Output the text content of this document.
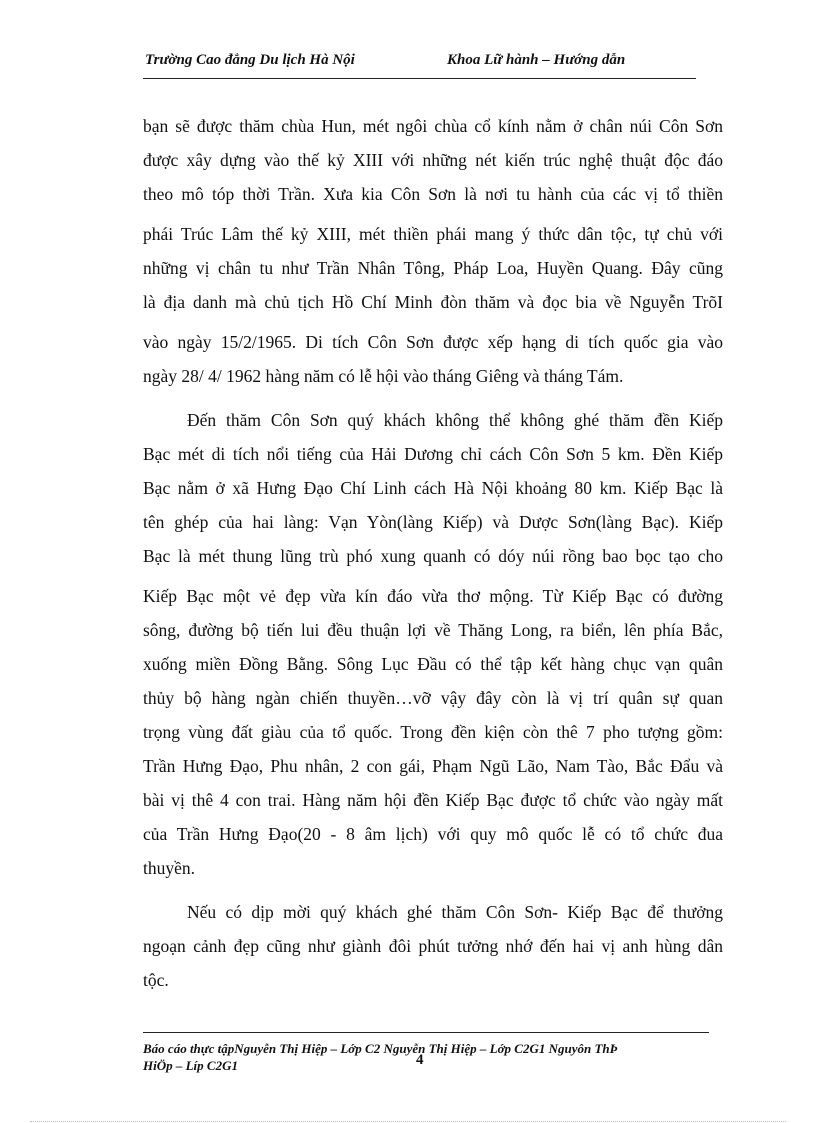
Trường Cao đẳng Du lịch Hà Nội	Khoa Lữ hành – Hướng dẫn
bạn sẽ được thăm chùa Hun, mét ngôi chùa cổ kính nằm ở chân núi Côn Sơn
được xây dựng vào thế kỷ XIII với những nét kiến trúc nghệ thuật độc đáo
theo mô tóp thời Trần. Xưa kia Côn Sơn là nơi tu hành của các vị tổ thiền
phái Trúc Lâm thế kỷ XIII, mét thiền phái mang ý thức dân tộc, tự chủ với
những vị chân tu như Trần Nhân Tông, Pháp Loa, Huyền Quang. Đây cũng
là địa danh mà chủ tịch Hồ Chí Minh đòn thăm và đọc bia về Nguyễn TrõI
vào ngày 15/2/1965. Di tích Côn Sơn được xếp hạng di tích quốc gia vào
ngày 28/ 4/ 1962 hàng năm có lễ hội vào tháng Giêng và tháng Tám.
Đến thăm Côn Sơn quý khách không thể không ghé thăm đền Kiếp
Bạc mét di tích nổi tiếng của Hải Dương chỉ cách Côn Sơn 5 km. Đền Kiếp
Bạc nằm ở xã Hưng Đạo Chí Linh cách Hà Nội khoảng 80 km. Kiếp Bạc là
tên ghép của hai làng: Vạn Yòn(làng Kiếp) và Dược Sơn(làng Bạc). Kiếp
Bạc là mét thung lũng trù phó xung quanh có dóy núi rồng bao bọc tạo cho
Kiếp Bạc một vẻ đẹp vừa kín đáo vừa thơ mộng. Từ Kiếp Bạc có đường
sông, đường bộ tiến lui đều thuận lợi về Thăng Long, ra biển, lên phía Bắc,
xuống miền Đồng Bằng. Sông Lục Đầu có thể tập kết hàng chục vạn quân
thủy bộ hàng ngàn chiến thuyền…vỡ vậy đây còn là vị trí quân sự quan
trọng vùng đất giàu của tổ quốc. Trong đền kiện còn thê 7 pho tượng gồm:
Trần Hưng Đạo, Phu nhân, 2 con gái, Phạm Ngũ Lão, Nam Tào, Bắc Đẩu và
bài vị thê 4 con trai. Hàng năm hội đền Kiếp Bạc được tổ chức vào ngày mất
của Trần Hưng Đạo(20 - 8 âm lịch) với quy mô quốc lễ có tổ chức đua
thuyền.
Nếu có dịp mời quý khách ghé thăm Côn Sơn- Kiếp Bạc để thưởng
ngoạn cảnh đẹp cũng như giành đôi phút tưởng nhớ đến hai vị anh hùng dân
tộc.
Báo cáo thực tậpNguyễn Thị Hiệp – Lớp C2 Nguyễn Thị Hiệp – Lớp C2G1 Nguyôn ThÞ
HiÖp – Líp C2G1	4
